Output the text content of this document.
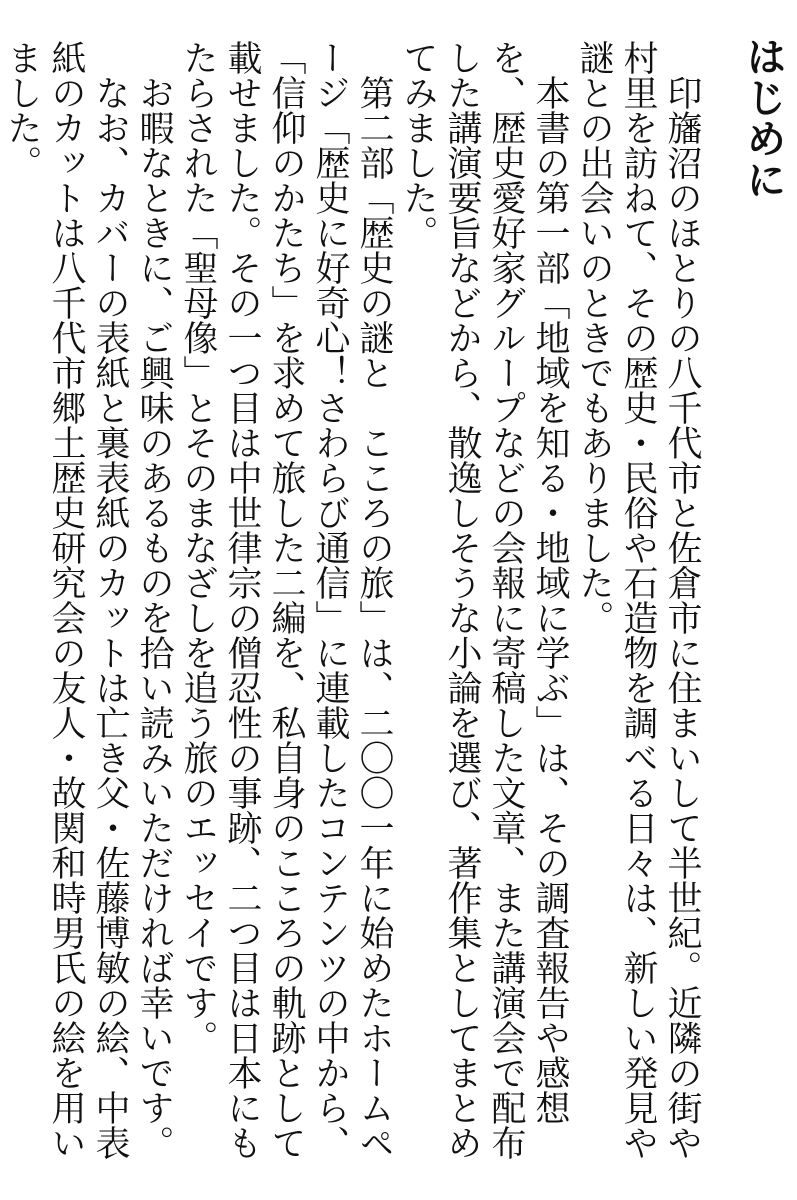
はじめに

印旛沼のほとりの八千代市と佐倉市に住まいして半世紀。近隣の街や村里を訪ねて、その歴史・民俗や石造物を調べる日々は、新しい発見や謎との出会いのときでもありました。

本書の第一部「地域を知る・地域に学ぶ」は、その調査報告や感想を、歴史愛好家グループなどの会報に寄稿した文章、また講演会で配布した講演要旨などから、散逸しそうな小論を選び、著作集としてまとめてみました。

第二部「歴史の謎と　こころの旅」は、二〇〇一年に始めたホームページ「歴史に好奇心！さわらび通信」に連載したコンテンツの中から、「信仰のかたち」を求めて旅した二編を、私自身のこころの軌跡として載せました。その一つ目は中世律宗の僧忍性の事跡、二つ目は日本にもたらされた「聖母像」とそのまなざしを追う旅のエッセイです。

お暇なときに、ご興味のあるものを拾い読みいただければ幸いです。

なお、カバーの表紙と裏表紙のカットは亡き父・佐藤博敏の絵、中表紙のカットは八千代市郷土歴史研究会の友人・故関和時男氏の絵を用いました。
